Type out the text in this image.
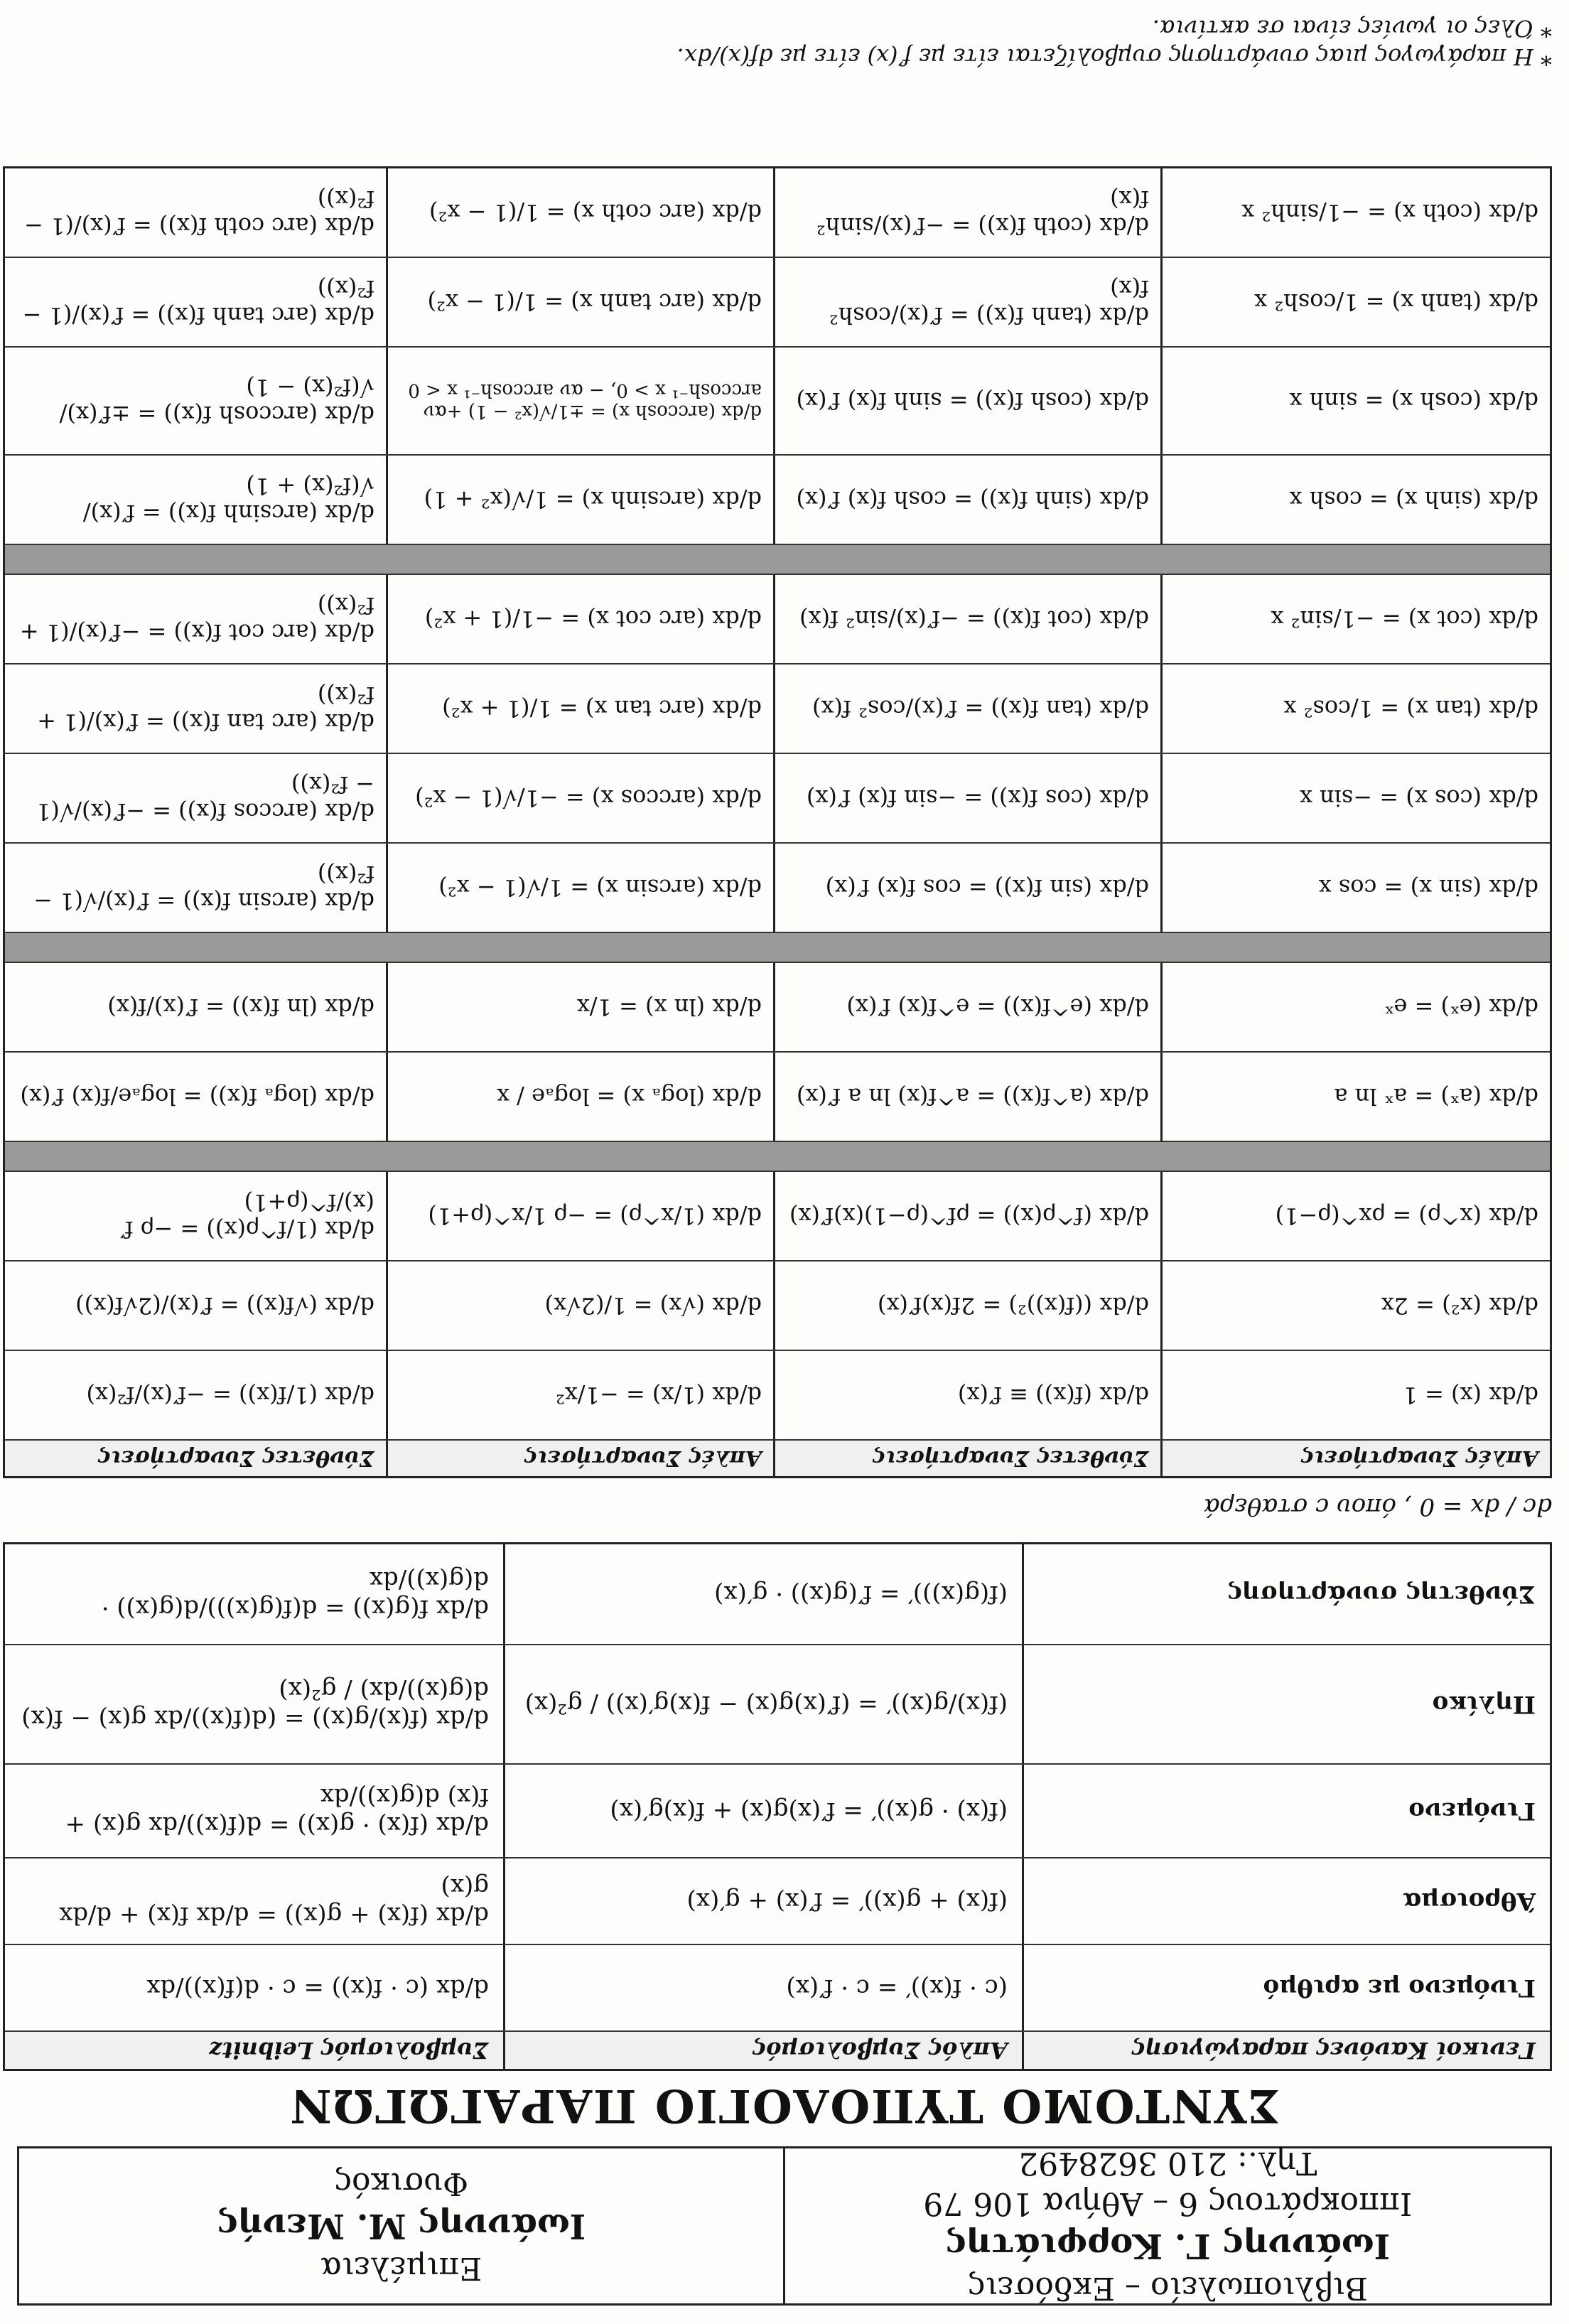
Βιβλιοπωλείο – Εκδόσεις
Ιωάννης Γ. Κορφιάτης
Ιπποκράτους 6 – Αθήνα 106 79
Τηλ.: 210 3628492
Επιμέλεια
Ιωάννης Μ. Μενής
Φυσικός
ΣΥΝΤΟΜΟ ΤΥΠΟΛΟΓΙΟ ΠΑΡΑΓΩΓΩΝ
Γενικοί Κανόνες παραγώγισης
Απλός Συμβολισμός
Συμβολισμός Leibnitz
Γινόμενο με αριθμό
(c · f(x))′ = c · f′(x)
d/dx (c · f(x)) = c · d(f(x))/dx
Άθροισμα
(f(x) + g(x))′ = f′(x) + g′(x)
d/dx (f(x) + g(x)) = d/dx f(x) + d/dx g(x)
Γινόμενο
(f(x) · g(x))′ = f′(x)g(x) + f(x)g′(x)
d/dx (f(x) · g(x)) = d(f(x))/dx g(x) + f(x) d(g(x))/dx
Πηλίκο
(f(x)/g(x))′ = (f′(x)g(x) − f(x)g′(x)) / g²(x)
d/dx (f(x)/g(x)) = (d(f(x))/dx g(x) − f(x) d(g(x))/dx) / g²(x)
Σύνθετης συνάρτησης
(f(g(x)))′ = f′(g(x)) · g′(x)
d/dx f(g(x)) = d(f(g(x)))/d(g(x)) · d(g(x))/dx
dc / dx = 0 , όπου c σταθερά
Απλές Συναρτήσεις
Σύνθετες Συναρτήσεις
Απλές Συναρτήσεις
Σύνθετες Συναρτήσεις
d/dx (x) = 1
d/dx (f(x)) ≡ f′(x)
d/dx (1/x) = −1/x²
d/dx (1/f(x)) = −f′(x)/f²(x)
d/dx (x²) = 2x
d/dx ((f(x))²) = 2f(x)f′(x)
d/dx (√x) = 1/(2√x)
d/dx (√f(x)) = f′(x)/(2√f(x))
d/dx (x^ρ) = ρx^(ρ−1)
d/dx (f^ρ(x)) = ρf^(ρ−1)(x)f′(x)
d/dx (1/x^ρ) = −ρ 1/x^(ρ+1)
d/dx (1/f^ρ(x)) = −ρ f′(x)/f^(ρ+1)
d/dx (aˣ) = aˣ ln a
d/dx (a^f(x)) = a^f(x) ln a f′(x)
d/dx (logₐ x) = logₐe / x
d/dx (logₐ f(x)) = logₐe/f(x) f′(x)
d/dx (eˣ) = eˣ
d/dx (e^f(x)) = e^f(x) f′(x)
d/dx (ln x) = 1/x
d/dx (ln f(x)) = f′(x)/f(x)
d/dx (sin x) = cos x
d/dx (sin f(x)) = cos f(x) f′(x)
d/dx (arcsin x) = 1/√(1 − x²)
d/dx (arcsin f(x)) = f′(x)/√(1 − f²(x))
d/dx (cos x) = −sin x
d/dx (cos f(x)) = −sin f(x) f′(x)
d/dx (arccos x) = −1/√(1 − x²)
d/dx (arccos f(x)) = −f′(x)/√(1 − f²(x))
d/dx (tan x) = 1/cos² x
d/dx (tan f(x)) = f′(x)/cos² f(x)
d/dx (arc tan x) = 1/(1 + x²)
d/dx (arc tan f(x)) = f′(x)/(1 + f²(x))
d/dx (cot x) = −1/sin² x
d/dx (cot f(x)) = −f′(x)/sin² f(x)
d/dx (arc cot x) = −1/(1 + x²)
d/dx (arc cot f(x)) = −f′(x)/(1 + f²(x))
d/dx (sinh x) = cosh x
d/dx (sinh f(x)) = cosh f(x) f′(x)
d/dx (arcsinh x) = 1/√(x² + 1)
d/dx (arcsinh f(x)) = f′(x)/√(f²(x) + 1)
d/dx (cosh x) = sinh x
d/dx (cosh f(x)) = sinh f(x) f′(x)
d/dx (arccosh x) = ±1/√(x² − 1) +αν arccosh⁻¹ x > 0, − αν arccosh⁻¹ x < 0
d/dx (arccosh f(x)) = ±f′(x)/√(f²(x) − 1)
d/dx (tanh x) = 1/cosh² x
d/dx (tanh f(x)) = f′(x)/cosh² f(x)
d/dx (arc tanh x) = 1/(1 − x²)
d/dx (arc tanh f(x)) = f′(x)/(1 − f²(x))
d/dx (coth x) = −1/sinh² x
d/dx (coth f(x)) = −f′(x)/sinh² f(x)
d/dx (arc coth x) = 1/(1 − x²)
d/dx (arc coth f(x)) = f′(x)/(1 − f²(x))
* Η παράγωγος μιας συνάρτησης συμβολίζεται είτε με f′(x) είτε με df(x)/dx.
* Όλες οι γωνίες είναι σε ακτίνια.
